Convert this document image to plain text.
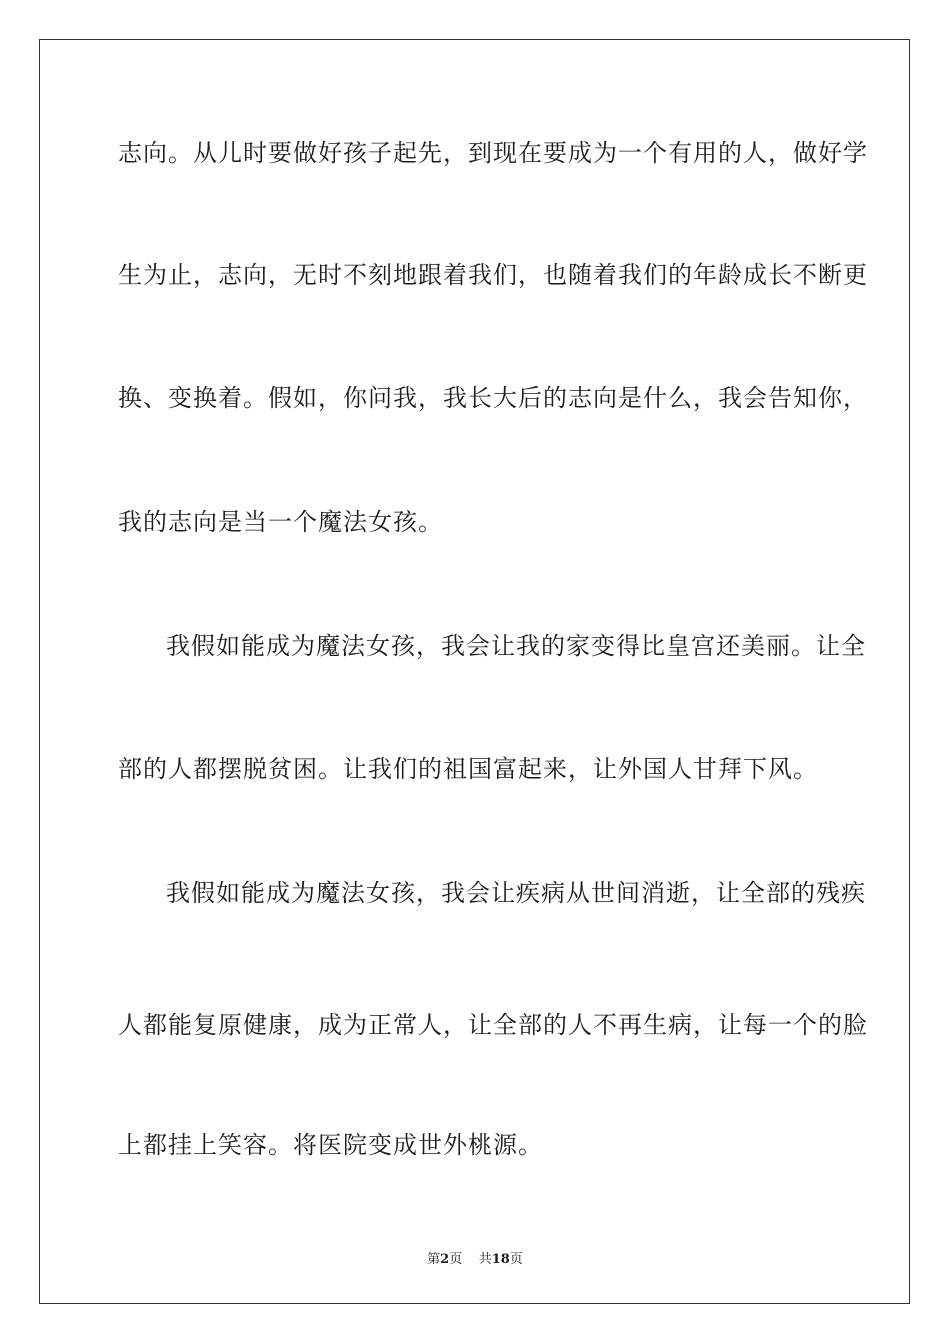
志向。从儿时要做好孩子起先，到现在要成为一个有用的人，做好学
生为止，志向，无时不刻地跟着我们，也随着我们的年龄成长不断更
换、变换着。假如，你问我，我长大后的志向是什么，我会告知你，
我的志向是当一个魔法女孩。
我假如能成为魔法女孩，我会让我的家变得比皇宫还美丽。让全
部的人都摆脱贫困。让我们的祖国富起来，让外国人甘拜下风。
我假如能成为魔法女孩，我会让疾病从世间消逝，让全部的残疾
人都能复原健康，成为正常人，让全部的人不再生病，让每一个的脸
上都挂上笑容。将医院变成世外桃源。
第2页 共18页
